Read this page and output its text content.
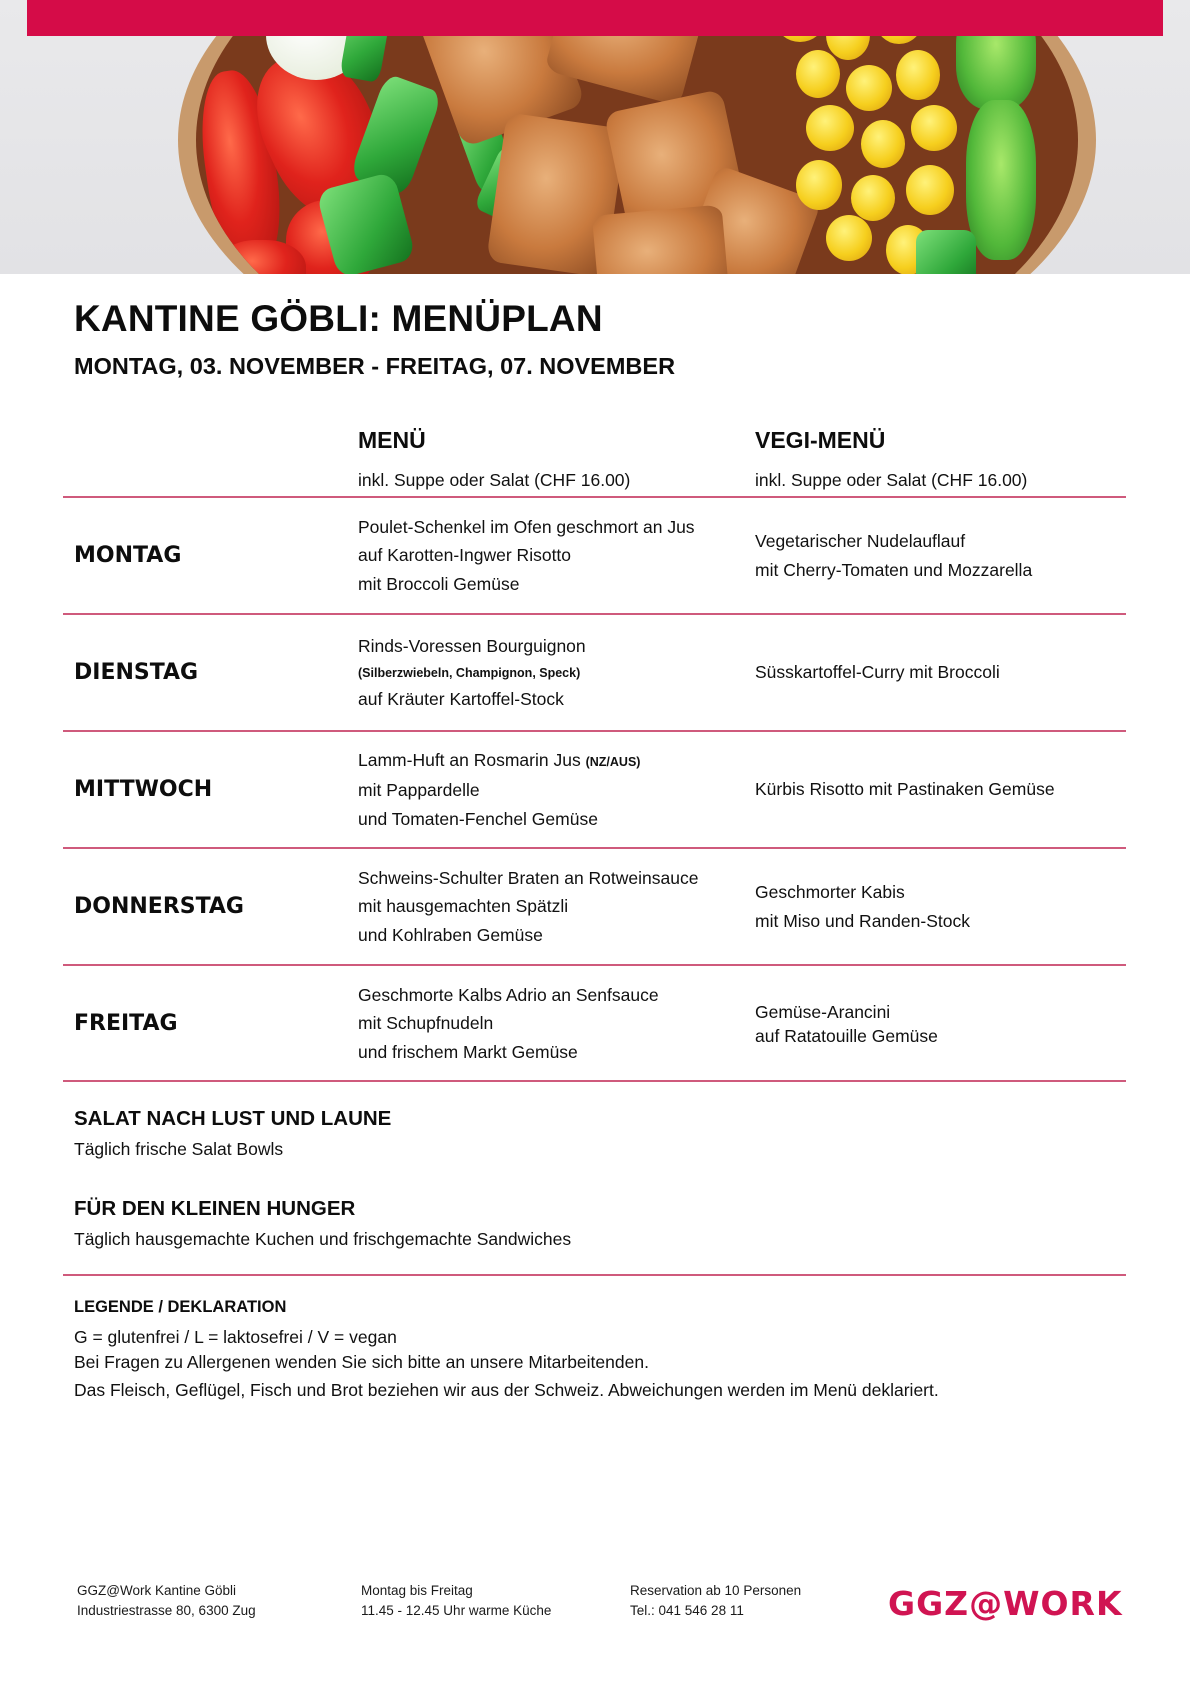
KANTINE GÖBLI: MENÜPLAN
MONTAG, 03. NOVEMBER - FREITAG, 07. NOVEMBER
MENÜ
inkl. Suppe oder Salat (CHF 16.00)
VEGI-MENÜ
inkl. Suppe oder Salat (CHF 16.00)
MONTAG
Poulet-Schenkel im Ofen geschmort an Jus
auf Karotten-Ingwer Risotto
mit Broccoli Gemüse
Vegetarischer Nudelauflauf
mit Cherry-Tomaten und Mozzarella
DIENSTAG
Rinds-Voressen Bourguignon
(Silberzwiebeln, Champignon, Speck)
auf Kräuter Kartoffel-Stock
Süsskartoffel-Curry mit Broccoli
MITTWOCH
Lamm-Huft an Rosmarin Jus (NZ/AUS)
mit Pappardelle
und Tomaten-Fenchel Gemüse
Kürbis Risotto mit Pastinaken Gemüse
DONNERSTAG
Schweins-Schulter Braten an Rotweinsauce
mit hausgemachten Spätzli
und Kohlraben Gemüse
Geschmorter Kabis
mit Miso und Randen-Stock
FREITAG
Geschmorte Kalbs Adrio an Senfsauce
mit Schupfnudeln
und frischem Markt Gemüse
Gemüse-Arancini
auf Ratatouille Gemüse
SALAT NACH LUST UND LAUNE
Täglich frische Salat Bowls
FÜR DEN KLEINEN HUNGER
Täglich hausgemachte Kuchen und frischgemachte Sandwiches
LEGENDE / DEKLARATION
G = glutenfrei / L = laktosefrei / V = vegan
Bei Fragen zu Allergenen wenden Sie sich bitte an unsere Mitarbeitenden.
Das Fleisch, Geflügel, Fisch und Brot beziehen wir aus der Schweiz. Abweichungen werden im Menü deklariert.
GGZ@Work Kantine Göbli
Industriestrasse 80, 6300 Zug
Montag bis Freitag
11.45 - 12.45 Uhr warme Küche
Reservation ab 10 Personen
Tel.: 041 546 28 11	GGZ@WORK
